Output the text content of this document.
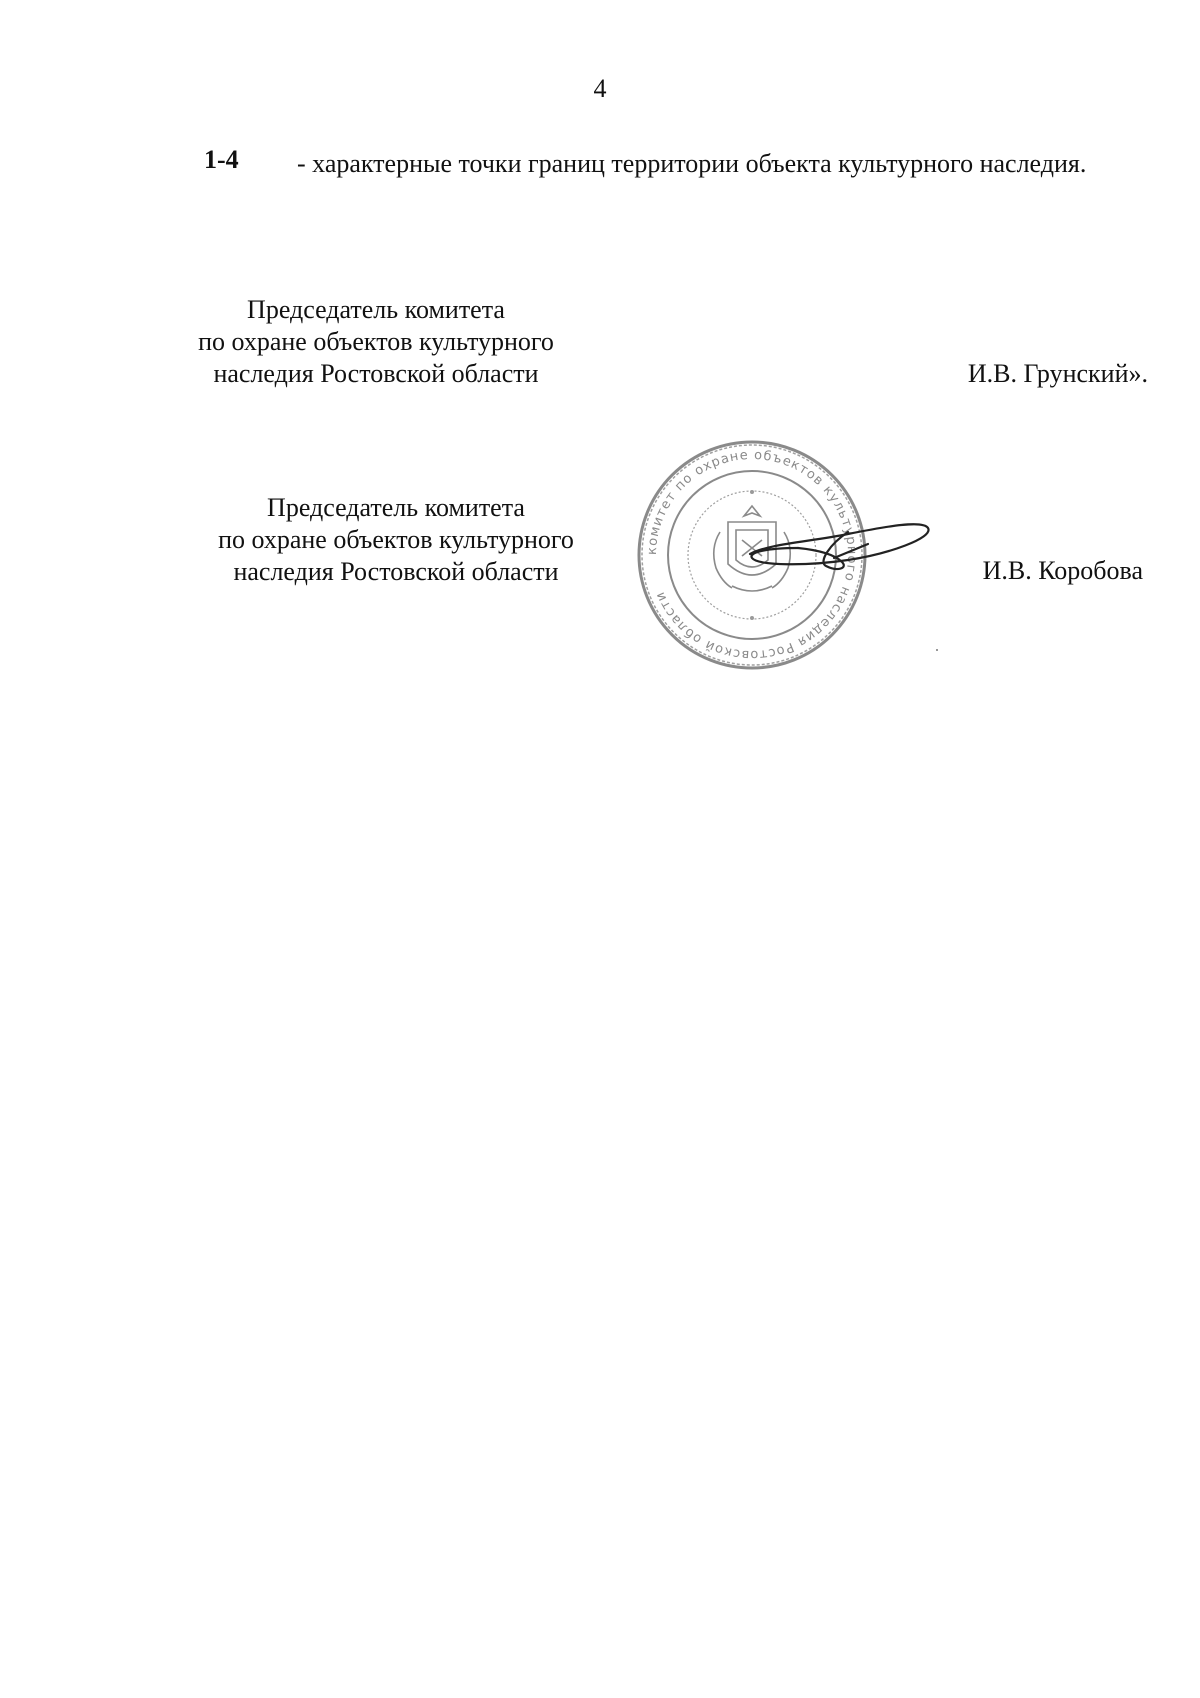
4
1-4 - характерные точки границ территории объекта культурного наследия.
Председатель комитета
по охране объектов культурного
наследия Ростовской области	И.В. Грунский».
Председатель комитета
по охране объектов культурного
наследия Ростовской области	И.В. Коробова
комитет по охране объектов культурного наследия Ростовской области
